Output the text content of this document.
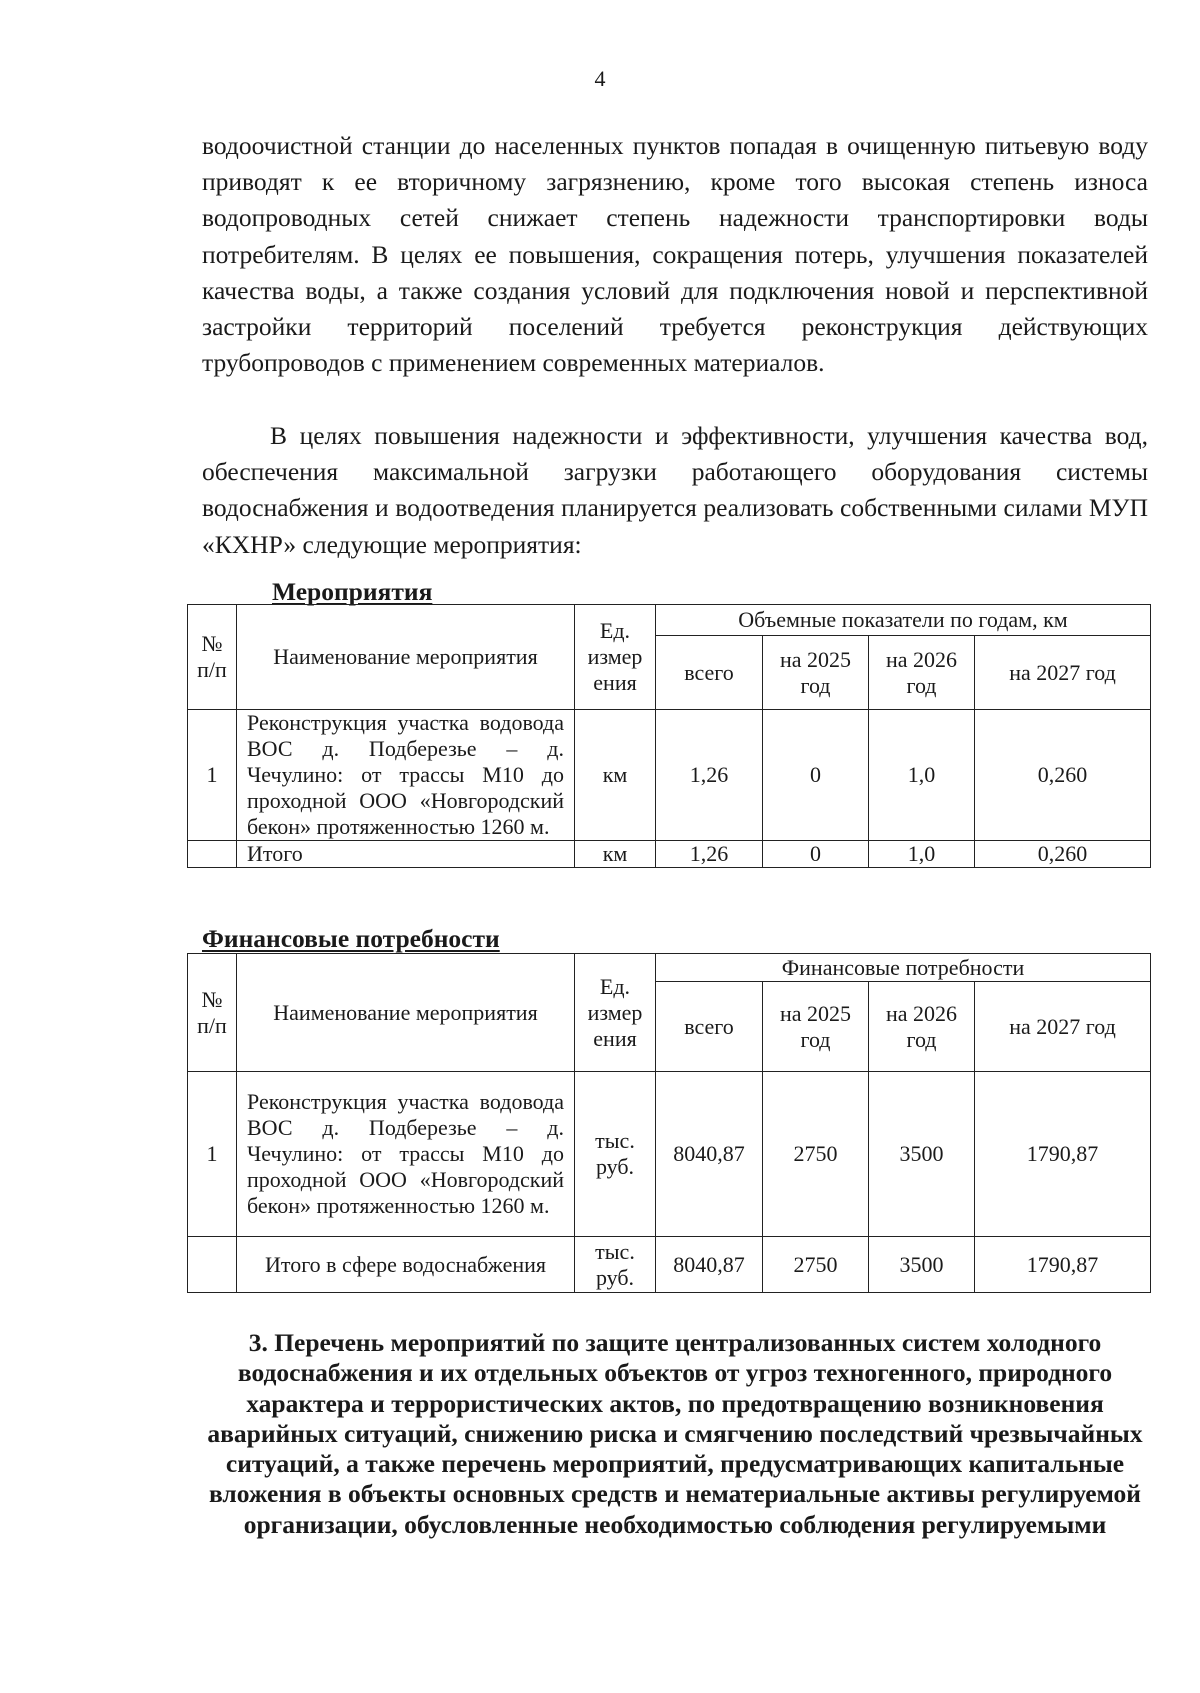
4

водоочистной станции до населенных пунктов попадая в очищенную питьевую воду приводят к ее вторичному загрязнению, кроме того высокая степень износа водопроводных сетей снижает степень надежности транспортировки воды потребителям. В целях ее повышения, сокращения потерь, улучшения показателей качества воды, а также создания условий для подключения новой и перспективной застройки территорий поселений требуется реконструкция действующих трубопроводов с применением современных материалов.

В целях повышения надежности и эффективности, улучшения качества вод, обеспечения максимальной загрузки работающего оборудования системы водоснабжения и водоотведения планируется реализовать собственными силами МУП «КХНР» следующие мероприятия:

Мероприятия
№ п/п	Наименование мероприятия	Ед. измер ения	Объемные показатели по годам, км			
			всего	на 2025 год	на 2026 год	на 2027 год
1	Реконструкция участка водовода ВОС д. Подберезье – д. Чечулино: от трассы М10 до проходной ООО «Новгородский бекон» протяженностью 1260 м.	км	1,26	0	1,0	0,260
	Итого	км	1,26	0	1,0	0,260
Финансовые потребности
№ п/п	Наименование мероприятия	Ед. измер ения	Финансовые потребности			
			всего	на 2025 год	на 2026 год	на 2027 год
1	Реконструкция участка водовода ВОС д. Подберезье – д. Чечулино: от трассы М10 до проходной ООО «Новгородский бекон» протяженностью 1260 м.	тыс. руб.	8040,87	2750	3500	1790,87
	Итого в сфере водоснабжения	тыс. руб.	8040,87	2750	3500	1790,87

3. Перечень мероприятий по защите централизованных систем холодного водоснабжения и их отдельных объектов от угроз техногенного, природного характера и террористических актов, по предотвращению возникновения аварийных ситуаций, снижению риска и смягчению последствий чрезвычайных ситуаций, а также перечень мероприятий, предусматривающих капитальные вложения в объекты основных средств и нематериальные активы регулируемой организации, обусловленные необходимостью соблюдения регулируемыми
